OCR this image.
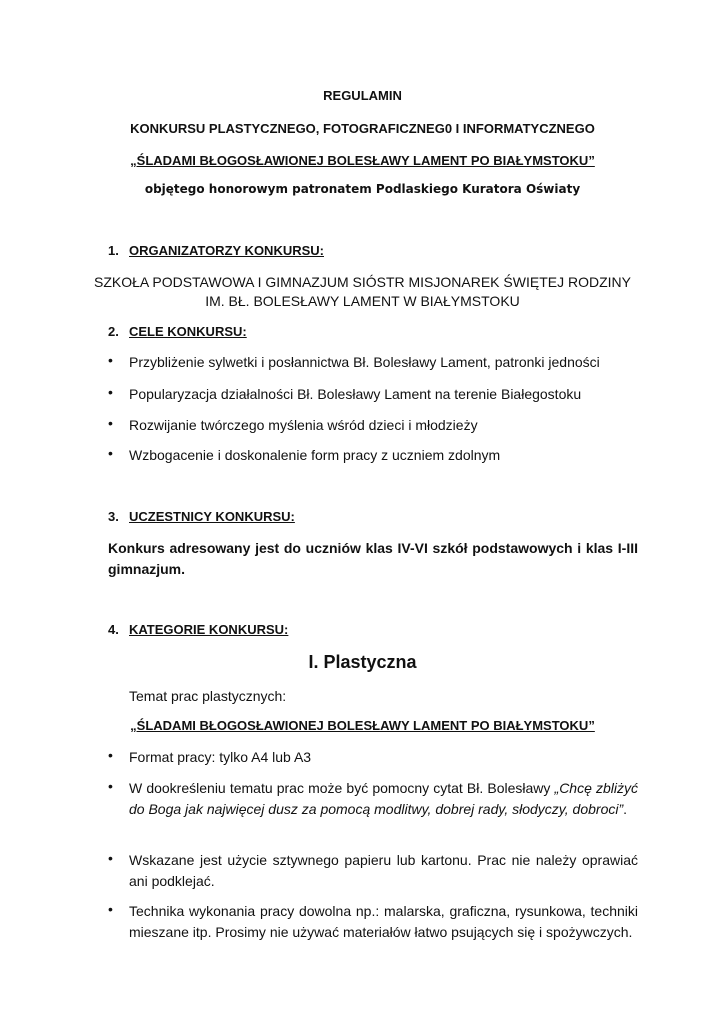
REGULAMIN
KONKURSU PLASTYCZNEGO, FOTOGRAFICZNEG0 I INFORMATYCZNEGO
„ŚLADAMI BŁOGOSŁAWIONEJ BOLESŁAWY LAMENT PO BIAŁYMSTOKU”
objętego honorowym patronatem Podlaskiego Kuratora Oświaty
1. ORGANIZATORZY KONKURSU:
SZKOŁA PODSTAWOWA I GIMNAZJUM SIÓSTR MISJONAREK ŚWIĘTEJ RODZINY
IM. BŁ. BOLESŁAWY LAMENT W BIAŁYMSTOKU
2. CELE KONKURSU:
• Przybliżenie sylwetki i posłannictwa Bł. Bolesławy Lament, patronki jedności
• Popularyzacja działalności Bł. Bolesławy Lament na terenie Białegostoku
• Rozwijanie twórczego myślenia wśród dzieci i młodzieży
• Wzbogacenie i doskonalenie form pracy z uczniem zdolnym
3. UCZESTNICY KONKURSU:
Konkurs adresowany jest do uczniów klas IV-VI szkół podstawowych i klas I-III gimnazjum.
4. KATEGORIE KONKURSU:
I. Plastyczna
Temat prac plastycznych:
„ŚLADAMI BŁOGOSŁAWIONEJ BOLESŁAWY LAMENT PO BIAŁYMSTOKU”
• Format pracy: tylko A4 lub A3
• W dookreśleniu tematu prac może być pomocny cytat Bł. Bolesławy „Chcę zbliżyć do Boga jak najwięcej dusz za pomocą modlitwy, dobrej rady, słodyczy, dobroci”.
• Wskazane jest użycie sztywnego papieru lub kartonu. Prac nie należy oprawiać ani podklejać.
• Technika wykonania pracy dowolna np.: malarska, graficzna, rysunkowa, techniki mieszane itp. Prosimy nie używać materiałów łatwo psujących się i spożywczych.
